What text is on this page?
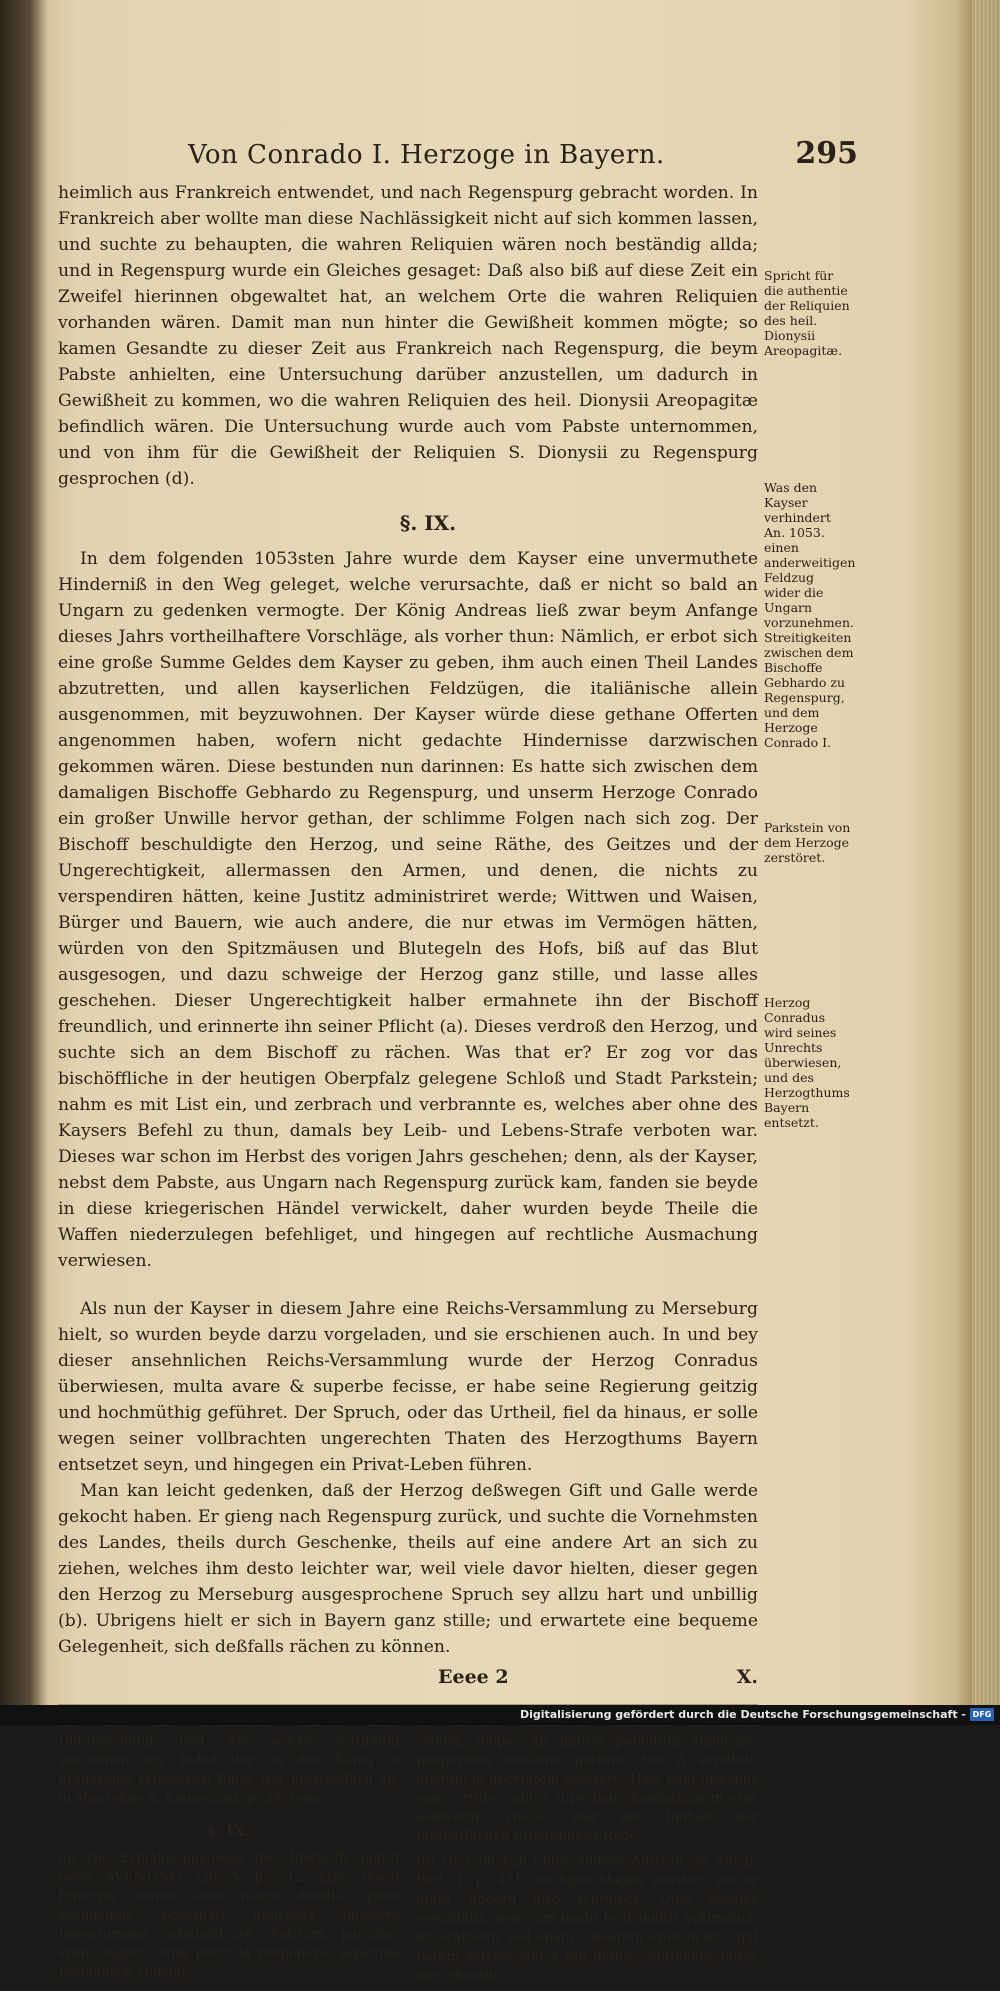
Von Conrado I. Herzoge in Bayern.	295

heimlich aus Frankreich entwendet, und nach Regenspurg gebracht worden. In Frankreich aber wollte man diese Nachlässigkeit nicht auf sich kommen lassen, und suchte zu behaupten, die wahren Reliquien wären noch beständig allda; und in Regenspurg wurde ein Gleiches gesaget: Daß also biß auf diese Zeit ein Zweifel hierinnen obgewaltet hat, an welchem Orte die wahren Reliquien vorhanden wären. Damit man nun hinter die Gewißheit kommen mögte; so kamen Gesandte zu dieser Zeit aus Frankreich nach Regenspurg, die beym Pabste anhielten, eine Untersuchung darüber anzustellen, um dadurch in Gewißheit zu kommen, wo die wahren Reliquien des heil. Dionysii Areopagitæ befindlich wären. Die Untersuchung wurde auch vom Pabste unternommen, und von ihm für die Gewißheit der Reliquien S. Dionysii zu Regenspurg gesprochen (d).

§. IX.

In dem folgenden 1053sten Jahre wurde dem Kayser eine unvermuthete Hinderniß in den Weg geleget, welche verursachte, daß er nicht so bald an Ungarn zu gedenken vermogte. Der König Andreas ließ zwar beym Anfange dieses Jahrs vortheilhaftere Vorschläge, als vorher thun: Nämlich, er erbot sich eine große Summe Geldes dem Kayser zu geben, ihm auch einen Theil Landes abzutretten, und allen kayserlichen Feldzügen, die italiänische allein ausgenommen, mit beyzuwohnen. Der Kayser würde diese gethane Offerten angenommen haben, wofern nicht gedachte Hindernisse darzwischen gekommen wären. Diese bestunden nun darinnen: Es hatte sich zwischen dem damaligen Bischoffe Gebhardo zu Regenspurg, und unserm Herzoge Conrado ein großer Unwille hervor gethan, der schlimme Folgen nach sich zog. Der Bischoff beschuldigte den Herzog, und seine Räthe, des Geitzes und der Ungerechtigkeit, allermassen den Armen, und denen, die nichts zu verspendiren hätten, keine Justitz administriret werde; Wittwen und Waisen, Bürger und Bauern, wie auch andere, die nur etwas im Vermögen hätten, würden von den Spitzmäusen und Blutegeln des Hofs, biß auf das Blut ausgesogen, und dazu schweige der Herzog ganz stille, und lasse alles geschehen. Dieser Ungerechtigkeit halber ermahnete ihn der Bischoff freundlich, und erinnerte ihn seiner Pflicht (a). Dieses verdroß den Herzog, und suchte sich an dem Bischoff zu rächen. Was that er? Er zog vor das bischöffliche in der heutigen Oberpfalz gelegene Schloß und Stadt Parkstein; nahm es mit List ein, und zerbrach und verbrannte es, welches aber ohne des Kaysers Befehl zu thun, damals bey Leib- und Lebens-Strafe verboten war. Dieses war schon im Herbst des vorigen Jahrs geschehen; denn, als der Kayser, nebst dem Pabste, aus Ungarn nach Regenspurg zurück kam, fanden sie beyde in diese kriegerischen Händel verwickelt, daher wurden beyde Theile die Waffen niederzulegen befehliget, und hingegen auf rechtliche Ausmachung verwiesen.

Als nun der Kayser in diesem Jahre eine Reichs-Versammlung zu Merseburg hielt, so wurden beyde darzu vorgeladen, und sie erschienen auch. In und bey dieser ansehnlichen Reichs-Versammlung wurde der Herzog Conradus überwiesen, multa avare & superbe fecisse, er habe seine Regierung geitzig und hochmüthig geführet. Der Spruch, oder das Urtheil, fiel da hinaus, er solle wegen seiner vollbrachten ungerechten Thaten des Herzogthums Bayern entsetzet seyn, und hingegen ein Privat-Leben führen.

Man kan leicht gedenken, daß der Herzog deßwegen Gift und Galle werde gekocht haben. Er gieng nach Regenspurg zurück, und suchte die Vornehmsten des Landes, theils durch Geschenke, theils auf eine andere Art an sich zu ziehen, welches ihm desto leichter war, weil viele davor hielten, dieser gegen den Herzog zu Merseburg ausgesprochene Spruch sey allzu hart und unbillig (b). Ubrigens hielt er sich in Bayern ganz stille; und erwartete eine bequeme Gelegenheit, sich deßfalls rächen zu können.

Eeee 2	X.
Spricht für die authentie der Reliquien des heil. Dionysii Areopagitæ.
Was den Kayser verhindert An. 1053. einen anderweitigen Feldzug wider die Ungarn vorzunehmen. Streitigkeiten zwischen dem Bischoffe Gebhardo zu Regenspurg, und dem Herzoge Conrado I.
Parkstein von dem Herzoge zerstöret.
Herzog Conradus wird seines Unrechts überwiesen, und des Herzogthums Bayern entsetzt.

Untersuchung, und wie solche sorgfältig geschehen sey, nebst der an den König in Frankreich erlassenen Bulla, gar umständlich an, in Mausolæo S. Emmerami, p. 39. sequ.

§. IX.

(a) Die Ermahnungs-Rede des Bischoffs lautet beym AVENTINO, Lib. V. p. 512. also: Docet Principis munus esse magis dandis, quam accipiendis beneficiis amicitias quærere Imperiumque, administrare, Patriam, parentes armis tegere; vitæ pericula proponere, sapientia Reipublicæ consule-

civium, inopes ab injuria potentum vindicare, pauperibus auxilium portare, hos à servitute divitum in libertatem asserere. Hæc boni præsidis esse virtutes: aliter superbam dominationem esse asseverat. Dieses war der Innhalt der bischöfflichen Ermahnungs-Rede.

(b) Hiervon kan unter andern Adlzreit. in Annal. Part. I. p. 421. nachgeschlagen werden, wo er unter andern also schreibet: Quæ species severitatis, non eum modo fecit multis optimatum miserabilem, sed etiam Cæsarem exosum illis, qui parem sortem sibi à tali judice contingere posse querebantur.

Digitalisierung gefördert durch die Deutsche Forschungsgemeinschaft - DFG
